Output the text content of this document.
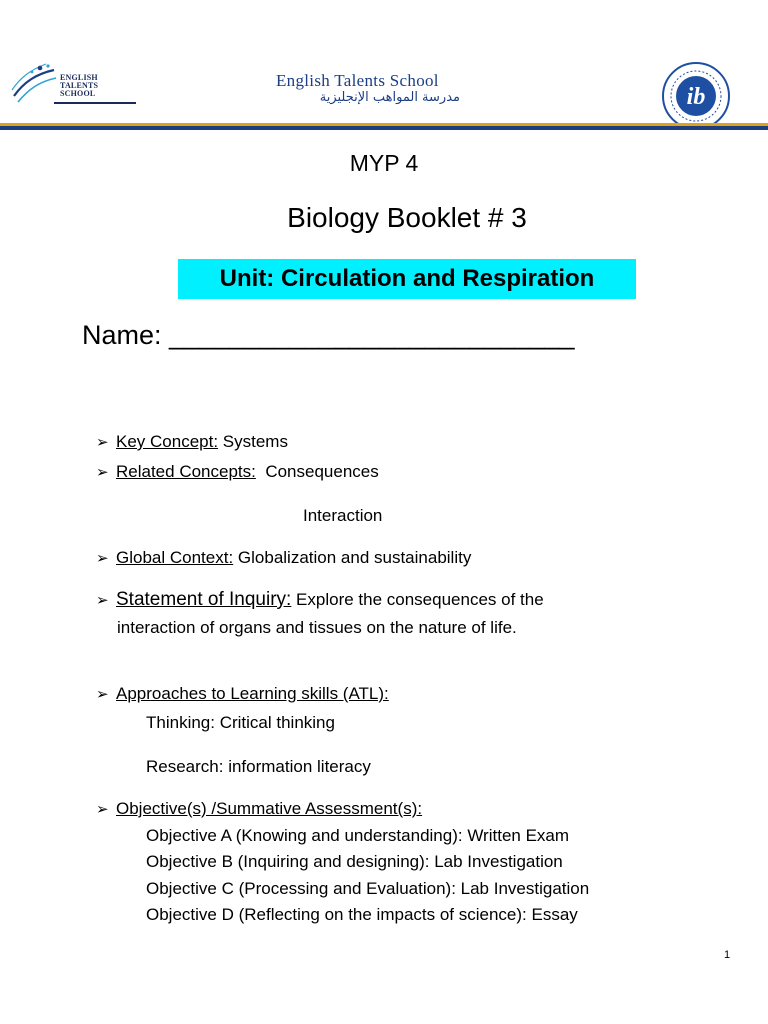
ENGLISH
TALENTS
SCHOOL
English Talents School
مدرسة المواهب الإنجليزية	ib
MYP 4
Biology Booklet # 3
Unit: Circulation and Respiration
Name: ___________________________
➢ Key Concept: Systems
➢ Related Concepts:  Consequences
Interaction
➢ Global Context: Globalization and sustainability
➢ Statement of Inquiry: Explore the consequences of the
interaction of organs and tissues on the nature of life.
➢ Approaches to Learning skills (ATL):
Thinking: Critical thinking
Research: information literacy
➢ Objective(s) /Summative Assessment(s):
Objective A (Knowing and understanding): Written Exam
Objective B (Inquiring and designing): Lab Investigation
Objective C (Processing and Evaluation): Lab Investigation
Objective D (Reflecting on the impacts of science): Essay
1
